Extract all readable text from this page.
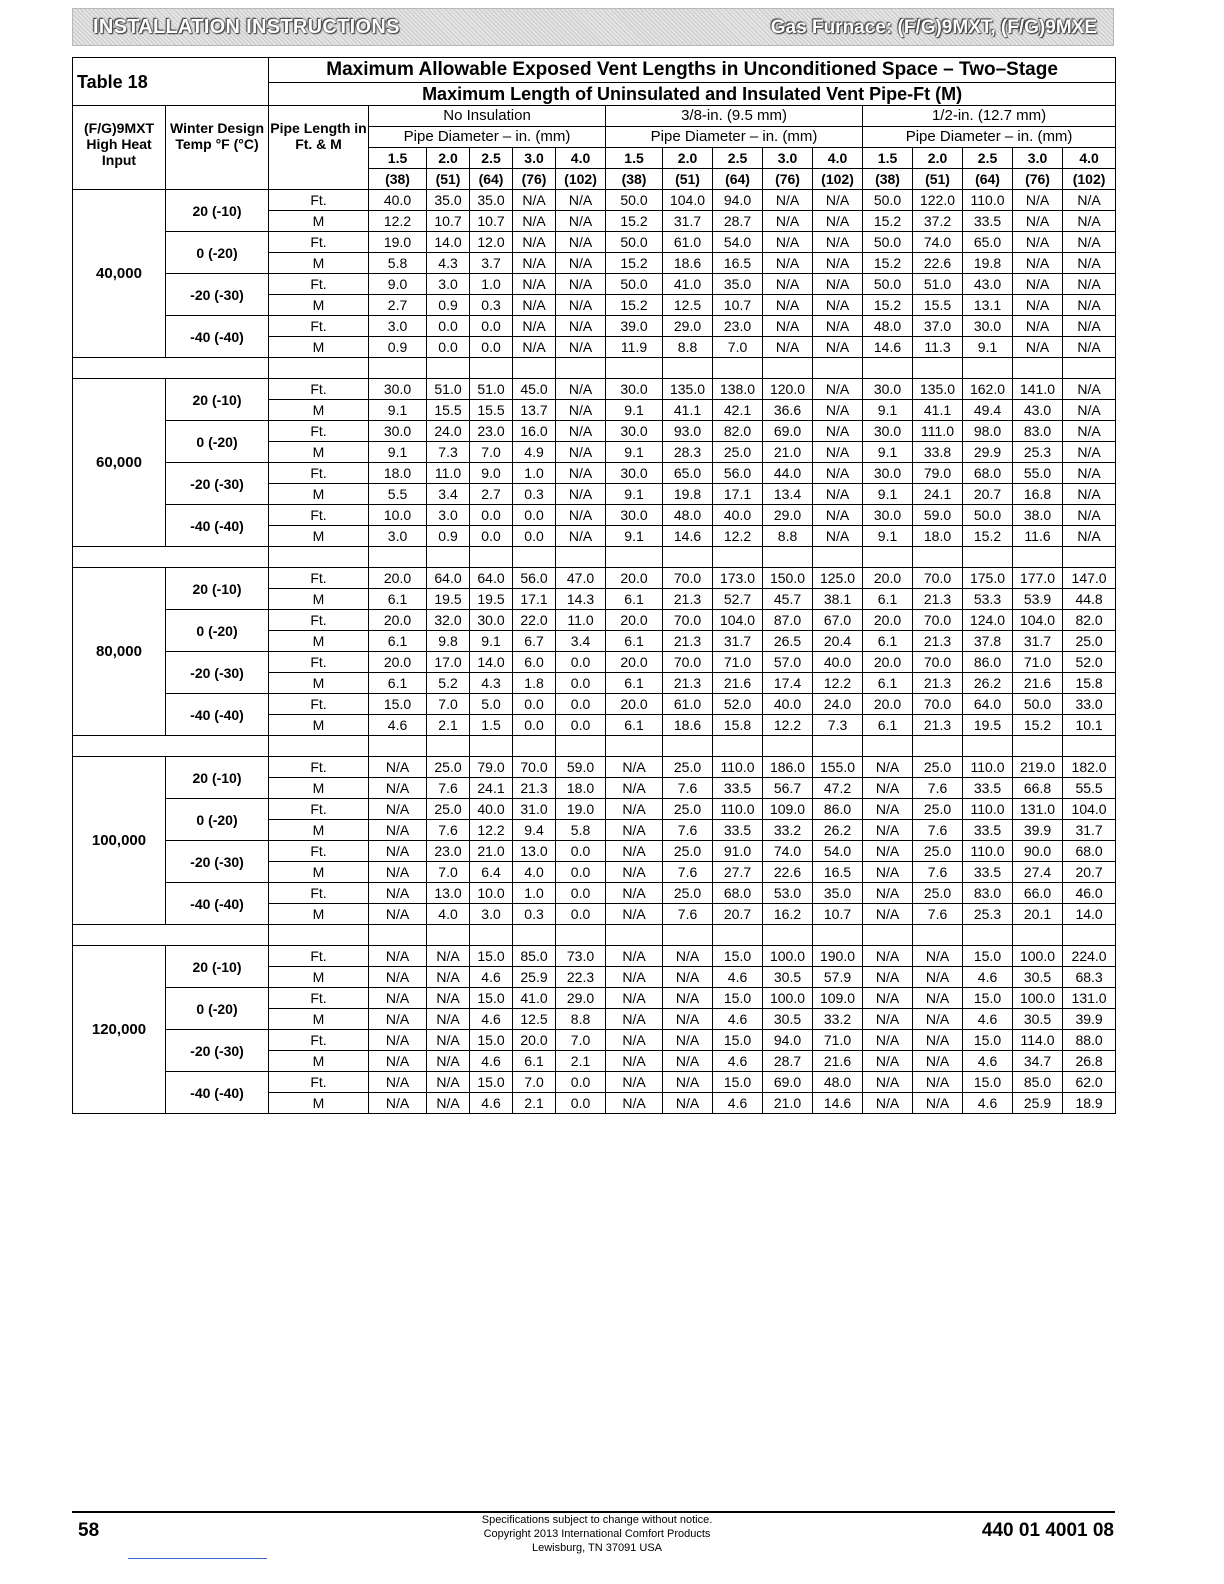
INSTALLATION INSTRUCTIONS	Gas Furnace: (F/G)9MXT, (F/G)9MXE
Table 18		Maximum Allowable Exposed Vent Lengths in Unconditioned Space – Two–Stage															
		Maximum Length of Uninsulated and Insulated Vent Pipe-Ft (M)															
(F/G)9MXT High Heat Input	Winter Design Temp °F (°C)	Pipe Length in Ft. & M	No Insulation					3/8-in. (9.5 mm)					1/2-in. (12.7 mm)				
			Pipe Diameter – in. (mm)					Pipe Diameter – in. (mm)					Pipe Diameter – in. (mm)				
			1.5	2.0	2.5	3.0	4.0	1.5	2.0	2.5	3.0	4.0	1.5	2.0	2.5	3.0	4.0
			(38)	(51)	(64)	(76)	(102)	(38)	(51)	(64)	(76)	(102)	(38)	(51)	(64)	(76)	(102)
40,000	20 (-10)	Ft.	40.0	35.0	35.0	N/A	N/A	50.0	104.0	94.0	N/A	N/A	50.0	122.0	110.0	N/A	N/A
		M	12.2	10.7	10.7	N/A	N/A	15.2	31.7	28.7	N/A	N/A	15.2	37.2	33.5	N/A	N/A
	0 (-20)	Ft.	19.0	14.0	12.0	N/A	N/A	50.0	61.0	54.0	N/A	N/A	50.0	74.0	65.0	N/A	N/A
		M	5.8	4.3	3.7	N/A	N/A	15.2	18.6	16.5	N/A	N/A	15.2	22.6	19.8	N/A	N/A
	-20 (-30)	Ft.	9.0	3.0	1.0	N/A	N/A	50.0	41.0	35.0	N/A	N/A	50.0	51.0	43.0	N/A	N/A
		M	2.7	0.9	0.3	N/A	N/A	15.2	12.5	10.7	N/A	N/A	15.2	15.5	13.1	N/A	N/A
	-40 (-40)	Ft.	3.0	0.0	0.0	N/A	N/A	39.0	29.0	23.0	N/A	N/A	48.0	37.0	30.0	N/A	N/A
		M	0.9	0.0	0.0	N/A	N/A	11.9	8.8	7.0	N/A	N/A	14.6	11.3	9.1	N/A	N/A

60,000	20 (-10)	Ft.	30.0	51.0	51.0	45.0	N/A	30.0	135.0	138.0	120.0	N/A	30.0	135.0	162.0	141.0	N/A
		M	9.1	15.5	15.5	13.7	N/A	9.1	41.1	42.1	36.6	N/A	9.1	41.1	49.4	43.0	N/A
	0 (-20)	Ft.	30.0	24.0	23.0	16.0	N/A	30.0	93.0	82.0	69.0	N/A	30.0	111.0	98.0	83.0	N/A
		M	9.1	7.3	7.0	4.9	N/A	9.1	28.3	25.0	21.0	N/A	9.1	33.8	29.9	25.3	N/A
	-20 (-30)	Ft.	18.0	11.0	9.0	1.0	N/A	30.0	65.0	56.0	44.0	N/A	30.0	79.0	68.0	55.0	N/A
		M	5.5	3.4	2.7	0.3	N/A	9.1	19.8	17.1	13.4	N/A	9.1	24.1	20.7	16.8	N/A
	-40 (-40)	Ft.	10.0	3.0	0.0	0.0	N/A	30.0	48.0	40.0	29.0	N/A	30.0	59.0	50.0	38.0	N/A
		M	3.0	0.9	0.0	0.0	N/A	9.1	14.6	12.2	8.8	N/A	9.1	18.0	15.2	11.6	N/A

80,000	20 (-10)	Ft.	20.0	64.0	64.0	56.0	47.0	20.0	70.0	173.0	150.0	125.0	20.0	70.0	175.0	177.0	147.0
		M	6.1	19.5	19.5	17.1	14.3	6.1	21.3	52.7	45.7	38.1	6.1	21.3	53.3	53.9	44.8
	0 (-20)	Ft.	20.0	32.0	30.0	22.0	11.0	20.0	70.0	104.0	87.0	67.0	20.0	70.0	124.0	104.0	82.0
		M	6.1	9.8	9.1	6.7	3.4	6.1	21.3	31.7	26.5	20.4	6.1	21.3	37.8	31.7	25.0
	-20 (-30)	Ft.	20.0	17.0	14.0	6.0	0.0	20.0	70.0	71.0	57.0	40.0	20.0	70.0	86.0	71.0	52.0
		M	6.1	5.2	4.3	1.8	0.0	6.1	21.3	21.6	17.4	12.2	6.1	21.3	26.2	21.6	15.8
	-40 (-40)	Ft.	15.0	7.0	5.0	0.0	0.0	20.0	61.0	52.0	40.0	24.0	20.0	70.0	64.0	50.0	33.0
		M	4.6	2.1	1.5	0.0	0.0	6.1	18.6	15.8	12.2	7.3	6.1	21.3	19.5	15.2	10.1

100,000	20 (-10)	Ft.	N/A	25.0	79.0	70.0	59.0	N/A	25.0	110.0	186.0	155.0	N/A	25.0	110.0	219.0	182.0
		M	N/A	7.6	24.1	21.3	18.0	N/A	7.6	33.5	56.7	47.2	N/A	7.6	33.5	66.8	55.5
	0 (-20)	Ft.	N/A	25.0	40.0	31.0	19.0	N/A	25.0	110.0	109.0	86.0	N/A	25.0	110.0	131.0	104.0
		M	N/A	7.6	12.2	9.4	5.8	N/A	7.6	33.5	33.2	26.2	N/A	7.6	33.5	39.9	31.7
	-20 (-30)	Ft.	N/A	23.0	21.0	13.0	0.0	N/A	25.0	91.0	74.0	54.0	N/A	25.0	110.0	90.0	68.0
		M	N/A	7.0	6.4	4.0	0.0	N/A	7.6	27.7	22.6	16.5	N/A	7.6	33.5	27.4	20.7
	-40 (-40)	Ft.	N/A	13.0	10.0	1.0	0.0	N/A	25.0	68.0	53.0	35.0	N/A	25.0	83.0	66.0	46.0
		M	N/A	4.0	3.0	0.3	0.0	N/A	7.6	20.7	16.2	10.7	N/A	7.6	25.3	20.1	14.0

120,000	20 (-10)	Ft.	N/A	N/A	15.0	85.0	73.0	N/A	N/A	15.0	100.0	190.0	N/A	N/A	15.0	100.0	224.0
		M	N/A	N/A	4.6	25.9	22.3	N/A	N/A	4.6	30.5	57.9	N/A	N/A	4.6	30.5	68.3
	0 (-20)	Ft.	N/A	N/A	15.0	41.0	29.0	N/A	N/A	15.0	100.0	109.0	N/A	N/A	15.0	100.0	131.0
		M	N/A	N/A	4.6	12.5	8.8	N/A	N/A	4.6	30.5	33.2	N/A	N/A	4.6	30.5	39.9
	-20 (-30)	Ft.	N/A	N/A	15.0	20.0	7.0	N/A	N/A	15.0	94.0	71.0	N/A	N/A	15.0	114.0	88.0
		M	N/A	N/A	4.6	6.1	2.1	N/A	N/A	4.6	28.7	21.6	N/A	N/A	4.6	34.7	26.8
	-40 (-40)	Ft.	N/A	N/A	15.0	7.0	0.0	N/A	N/A	15.0	69.0	48.0	N/A	N/A	15.0	85.0	62.0
		M	N/A	N/A	4.6	2.1	0.0	N/A	N/A	4.6	21.0	14.6	N/A	N/A	4.6	25.9	18.9
58	Specifications subject to change without notice.
Copyright 2013 International Comfort Products
Lewisburg, TN 37091 USA
440 01 4001 08
